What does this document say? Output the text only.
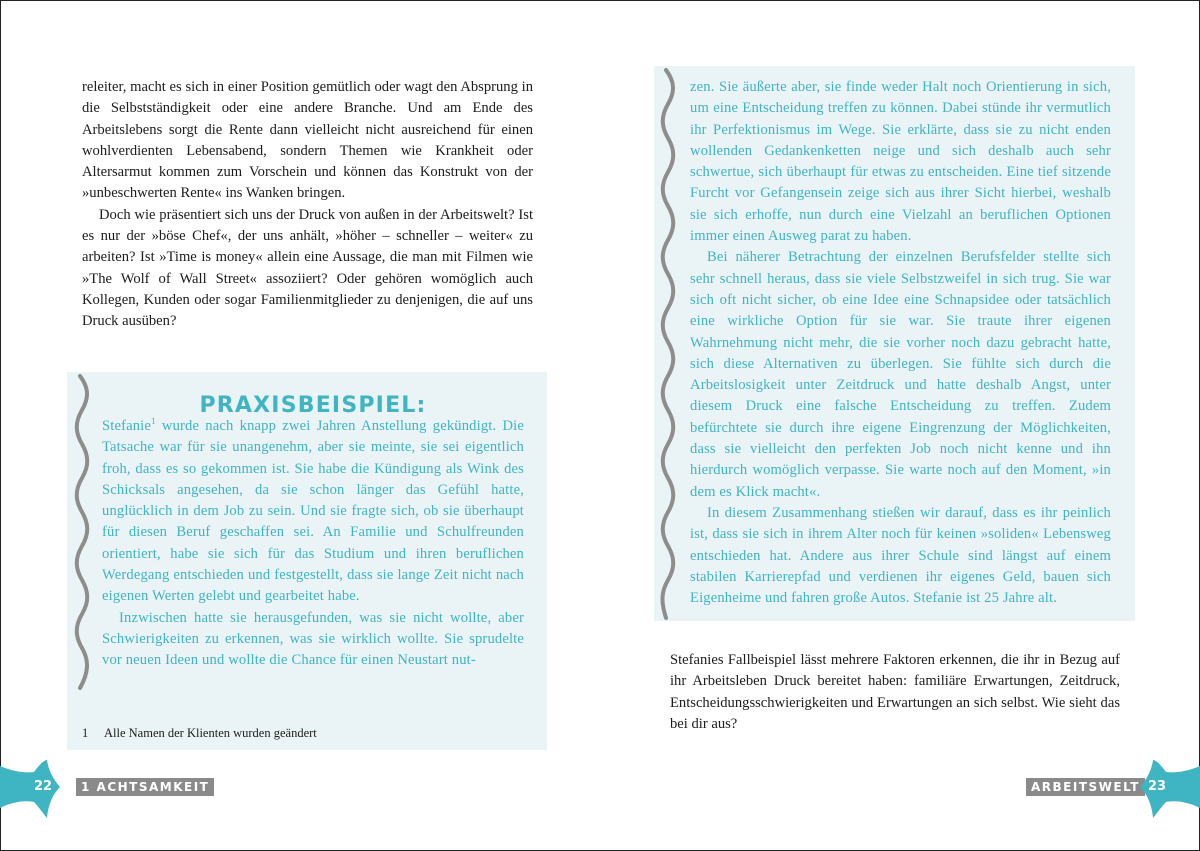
releiter, macht es sich in einer Position gemütlich oder wagt den Absprung in die Selbstständigkeit oder eine andere Branche. Und am Ende des Arbeitslebens sorgt die Rente dann vielleicht nicht ausreichend für einen wohlverdienten Lebensabend, sondern Themen wie Krankheit oder Altersarmut kommen zum Vorschein und können das Konstrukt von der »unbeschwerten Rente« ins Wanken bringen.

Doch wie präsentiert sich uns der Druck von außen in der Arbeitswelt? Ist es nur der »böse Chef«, der uns anhält, »höher – schneller – weiter« zu arbeiten? Ist »Time is money« allein eine Aussage, die man mit Filmen wie »The Wolf of Wall Street« assoziiert? Oder gehören womöglich auch Kollegen, Kunden oder sogar Familienmitglieder zu denjenigen, die auf uns Druck ausüben?

PRAXISBEISPIEL:

Stefanie$^1$ wurde nach knapp zwei Jahren Anstellung gekündigt. Die Tatsache war für sie unangenehm, aber sie meinte, sie sei eigentlich froh, dass es so gekommen ist. Sie habe die Kündigung als Wink des Schicksals angesehen, da sie schon länger das Gefühl hatte, unglücklich in dem Job zu sein. Und sie fragte sich, ob sie überhaupt für diesen Beruf geschaffen sei. An Familie und Schulfreunden orientiert, habe sie sich für das Studium und ihren beruflichen Werdegang entschieden und festgestellt, dass sie lange Zeit nicht nach eigenen Werten gelebt und gearbeitet habe.

Inzwischen hatte sie herausgefunden, was sie nicht wollte, aber Schwierigkeiten zu erkennen, was sie wirklich wollte. Sie sprudelte vor neuen Ideen und wollte die Chance für einen Neustart nut-

1 Alle Namen der Klienten wurden geändert
22	1 ACHTSAMKEIT

zen. Sie äußerte aber, sie finde weder Halt noch Orientierung in sich, um eine Entscheidung treffen zu können. Dabei stünde ihr vermutlich ihr Perfektionismus im Wege. Sie erklärte, dass sie zu nicht enden wollenden Gedankenketten neige und sich deshalb auch sehr schwertue, sich überhaupt für etwas zu entscheiden. Eine tief sitzende Furcht vor Gefangensein zeige sich aus ihrer Sicht hierbei, weshalb sie sich erhoffe, nun durch eine Vielzahl an beruflichen Optionen immer einen Ausweg parat zu haben.

Bei näherer Betrachtung der einzelnen Berufsfelder stellte sich sehr schnell heraus, dass sie viele Selbstzweifel in sich trug. Sie war sich oft nicht sicher, ob eine Idee eine Schnapsidee oder tatsächlich eine wirkliche Option für sie war. Sie traute ihrer eigenen Wahrnehmung nicht mehr, die sie vorher noch dazu gebracht hatte, sich diese Alternativen zu überlegen. Sie fühlte sich durch die Arbeitslosigkeit unter Zeitdruck und hatte deshalb Angst, unter diesem Druck eine falsche Entscheidung zu treffen. Zudem befürchtete sie durch ihre eigene Eingrenzung der Möglichkeiten, dass sie vielleicht den perfekten Job noch nicht kenne und ihn hierdurch womöglich verpasse. Sie warte noch auf den Moment, »in dem es Klick macht«.

In diesem Zusammenhang stießen wir darauf, dass es ihr peinlich ist, dass sie sich in ihrem Alter noch für keinen »soliden« Lebensweg entschieden hat. Andere aus ihrer Schule sind längst auf einem stabilen Karrierepfad und verdienen ihr eigenes Geld, bauen sich Eigenheime und fahren große Autos. Stefanie ist 25 Jahre alt.

Stefanies Fallbeispiel lässt mehrere Faktoren erkennen, die ihr in Bezug auf ihr Arbeitsleben Druck bereitet haben: familiäre Erwartungen, Zeitdruck, Entscheidungsschwierigkeiten und Erwartungen an sich selbst. Wie sieht das bei dir aus?

ARBEITSWELT 23
